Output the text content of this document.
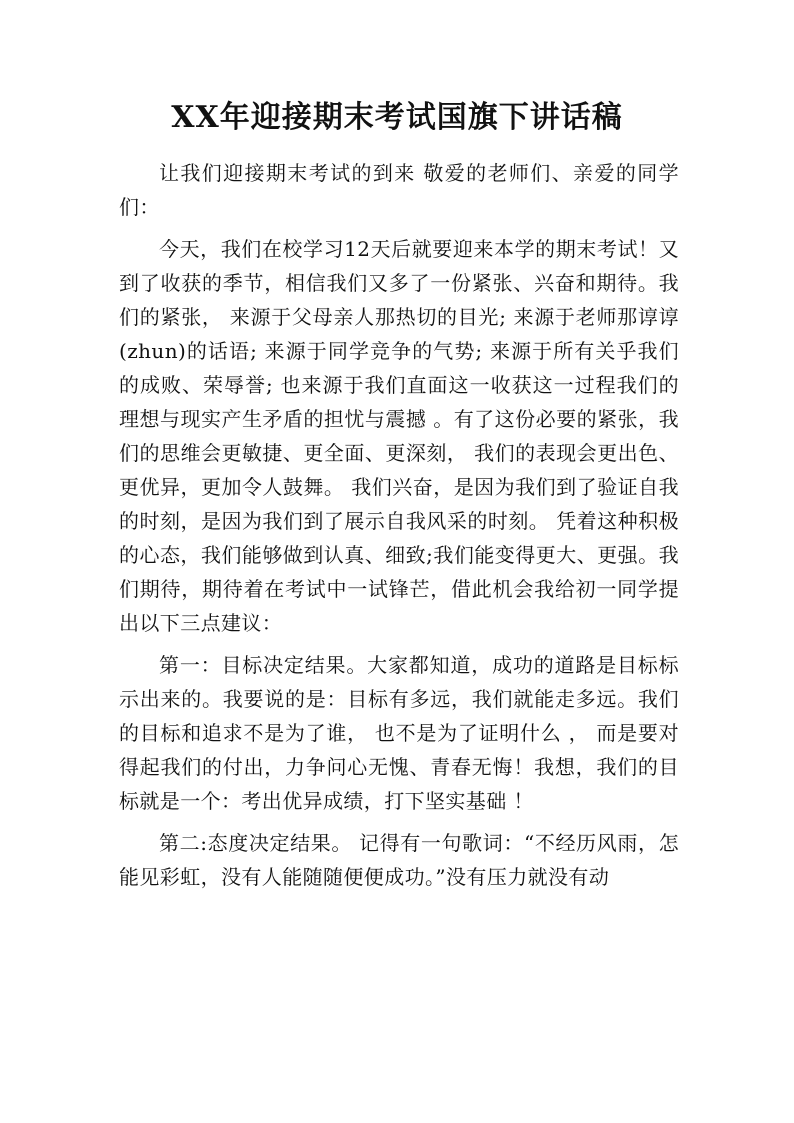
XX年迎接期末考试国旗下讲话稿

让我们迎接期末考试的到来 敬爱的老师们、亲爱的同学们：

今天，我们在校学习12天后就要迎来本学的期末考试！又到了收获的季节，相信我们又多了一份紧张、兴奋和期待。我们的紧张， 来源于父母亲人那热切的目光; 来源于老师那谆谆(zhun)的话语; 来源于同学竞争的气势; 来源于所有关乎我们的成败、荣辱誉; 也来源于我们直面这一收获这一过程我们的理想与现实产生矛盾的担忧与震撼 。有了这份必要的紧张，我们的思维会更敏捷、更全面、更深刻， 我们的表现会更出色、更优异，更加令人鼓舞。 我们兴奋，是因为我们到了验证自我的时刻，是因为我们到了展示自我风采的时刻。 凭着这种积极的心态，我们能够做到认真、细致;我们能变得更大、更强。我们期待，期待着在考试中一试锋芒，借此机会我给初一同学提出以下三点建议：

第一：目标决定结果。大家都知道，成功的道路是目标标示出来的。我要说的是：目标有多远，我们就能走多远。我们的目标和追求不是为了谁， 也不是为了证明什么 ， 而是要对得起我们的付出，力争问心无愧、青春无悔！我想，我们的目标就是一个：考出优异成绩，打下坚实基础 ！

第二:态度决定结果。 记得有一句歌词：“不经历风雨，怎能见彩虹，没有人能随随便便成功。”没有压力就没有动
